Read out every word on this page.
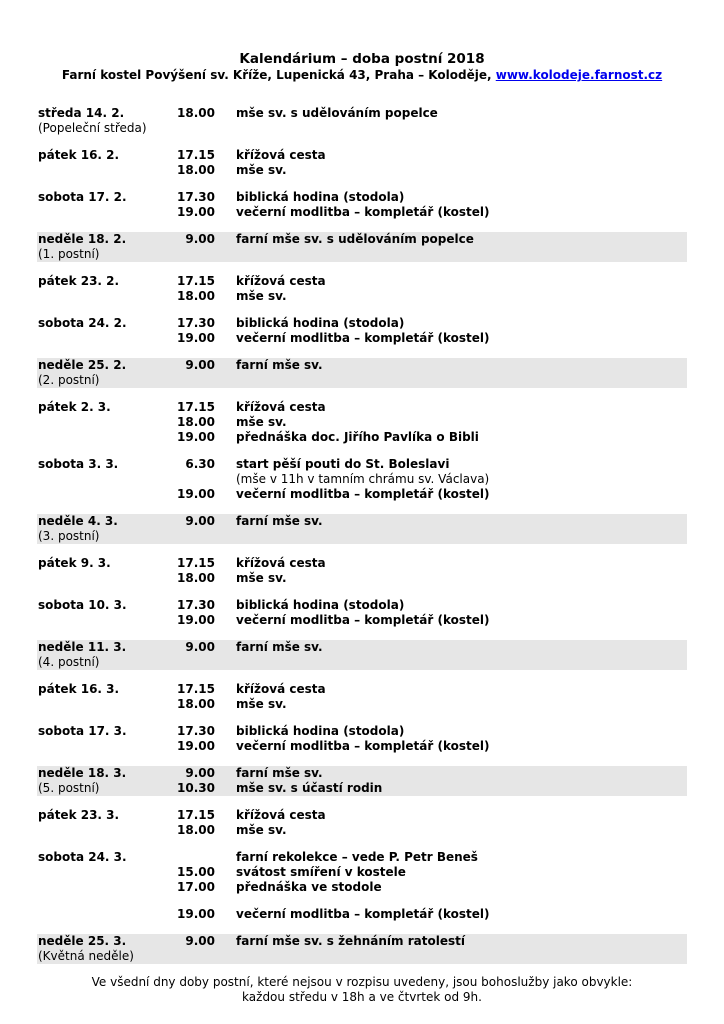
Kalendárium – doba postní 2018
Farní kostel Povýšení sv. Kříže, Lupenická 43, Praha – Koloděje, www.kolodeje.farnost.cz
středa 14. 2.	18.00 mše sv. s udělováním popelce
(Popeleční středa)
pátek 16. 2.	17.15 křížová cesta
18.00 mše sv.
sobota 17. 2.	17.30 biblická hodina (stodola)
19.00 večerní modlitba – kompletář (kostel)
neděle 18. 2.	9.00 farní mše sv. s udělováním popelce
(1. postní)
pátek 23. 2.	17.15 křížová cesta
18.00 mše sv.
sobota 24. 2.	17.30 biblická hodina (stodola)
19.00 večerní modlitba – kompletář (kostel)
neděle 25. 2.	9.00 farní mše sv.
(2. postní)
pátek 2. 3.	17.15 křížová cesta
18.00 mše sv.
19.00 přednáška doc. Jiřího Pavlíka o Bibli
sobota 3. 3.	6.30 start pěší pouti do St. Boleslavi
(mše v 11h v tamním chrámu sv. Václava)
19.00 večerní modlitba – kompletář (kostel)
neděle 4. 3.	9.00 farní mše sv.
(3. postní)
pátek 9. 3.	17.15 křížová cesta
18.00 mše sv.
sobota 10. 3.	17.30 biblická hodina (stodola)
19.00 večerní modlitba – kompletář (kostel)
neděle 11. 3.	9.00 farní mše sv.
(4. postní)
pátek 16. 3.	17.15 křížová cesta
18.00 mše sv.
sobota 17. 3.	17.30 biblická hodina (stodola)
19.00 večerní modlitba – kompletář (kostel)
neděle 18. 3.	9.00 farní mše sv.
(5. postní)	10.30 mše sv. s účastí rodin
pátek 23. 3.	17.15 křížová cesta
18.00 mše sv.
sobota 24. 3.	farní rekolekce – vede P. Petr Beneš
15.00 svátost smíření v kostele
17.00 přednáška ve stodole
19.00 večerní modlitba – kompletář (kostel)
neděle 25. 3.	9.00 farní mše sv. s žehnáním ratolestí
(Květná neděle)
Ve všední dny doby postní, které nejsou v rozpisu uvedeny, jsou bohoslužby jako obvykle:
každou středu v 18h a ve čtvrtek od 9h.
